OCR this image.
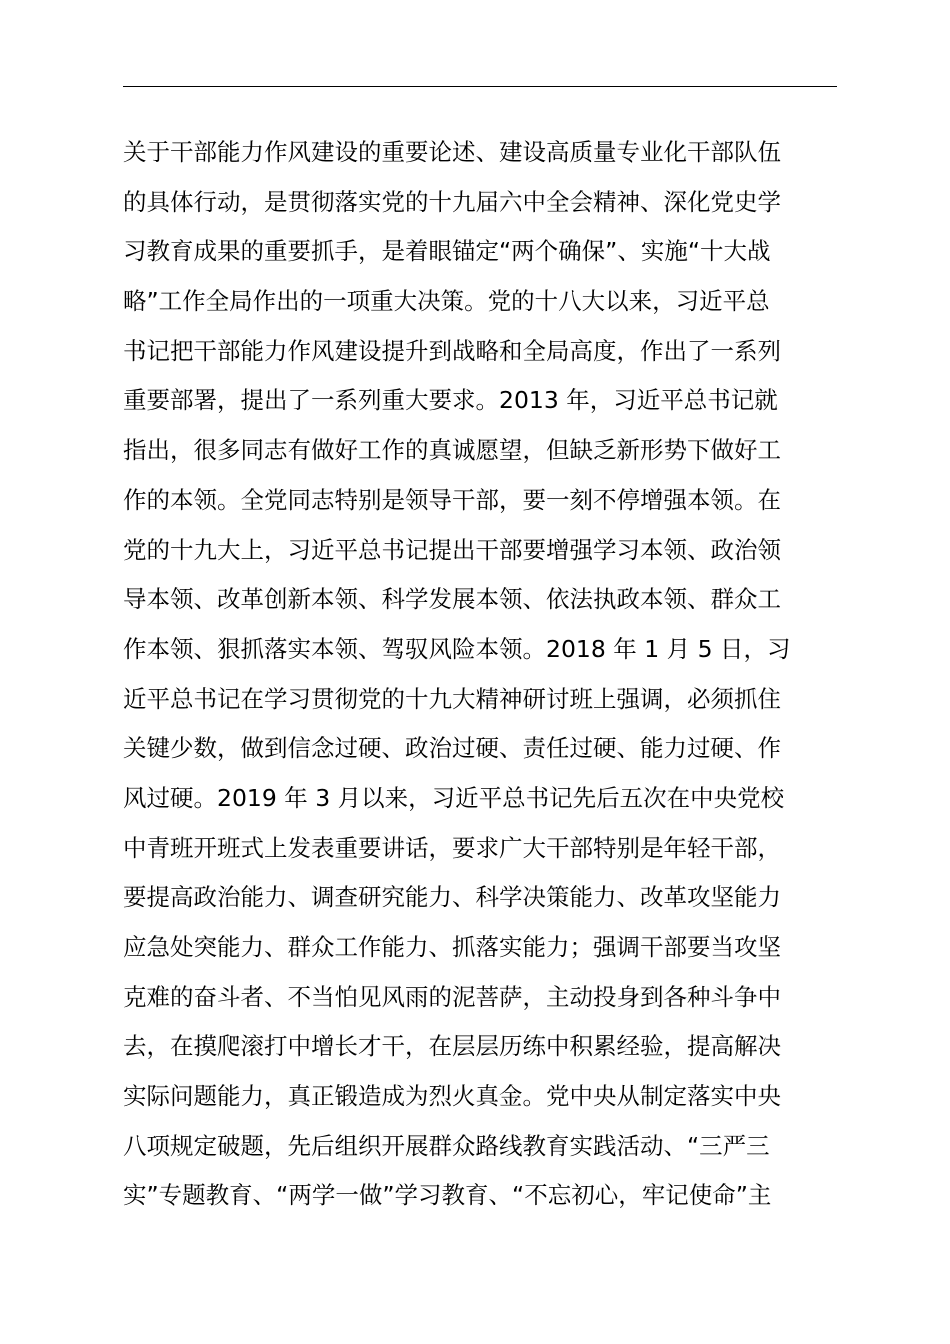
关于干部能力作风建设的重要论述、建设高质量专业化干部队伍
的具体行动，是贯彻落实党的十九届六中全会精神、深化党史学
习教育成果的重要抓手，是着眼锚定“两个确保”、实施“十大战
略”工作全局作出的一项重大决策。党的十八大以来，习近平总
书记把干部能力作风建设提升到战略和全局高度，作出了一系列
重要部署，提出了一系列重大要求。2013 年，习近平总书记就
指出，很多同志有做好工作的真诚愿望，但缺乏新形势下做好工
作的本领。全党同志特别是领导干部，要一刻不停增强本领。在
党的十九大上，习近平总书记提出干部要增强学习本领、政治领
导本领、改革创新本领、科学发展本领、依法执政本领、群众工
作本领、狠抓落实本领、驾驭风险本领。2018 年 1 月 5 日，习
近平总书记在学习贯彻党的十九大精神研讨班上强调，必须抓住
关键少数，做到信念过硬、政治过硬、责任过硬、能力过硬、作
风过硬。2019 年 3 月以来，习近平总书记先后五次在中央党校
中青班开班式上发表重要讲话，要求广大干部特别是年轻干部，
要提高政治能力、调查研究能力、科学决策能力、改革攻坚能力
应急处突能力、群众工作能力、抓落实能力；强调干部要当攻坚
克难的奋斗者、不当怕见风雨的泥菩萨，主动投身到各种斗争中
去，在摸爬滚打中增长才干，在层层历练中积累经验，提高解决
实际问题能力，真正锻造成为烈火真金。党中央从制定落实中央
八项规定破题，先后组织开展群众路线教育实践活动、“三严三
实”专题教育、“两学一做”学习教育、“不忘初心，牢记使命”主
